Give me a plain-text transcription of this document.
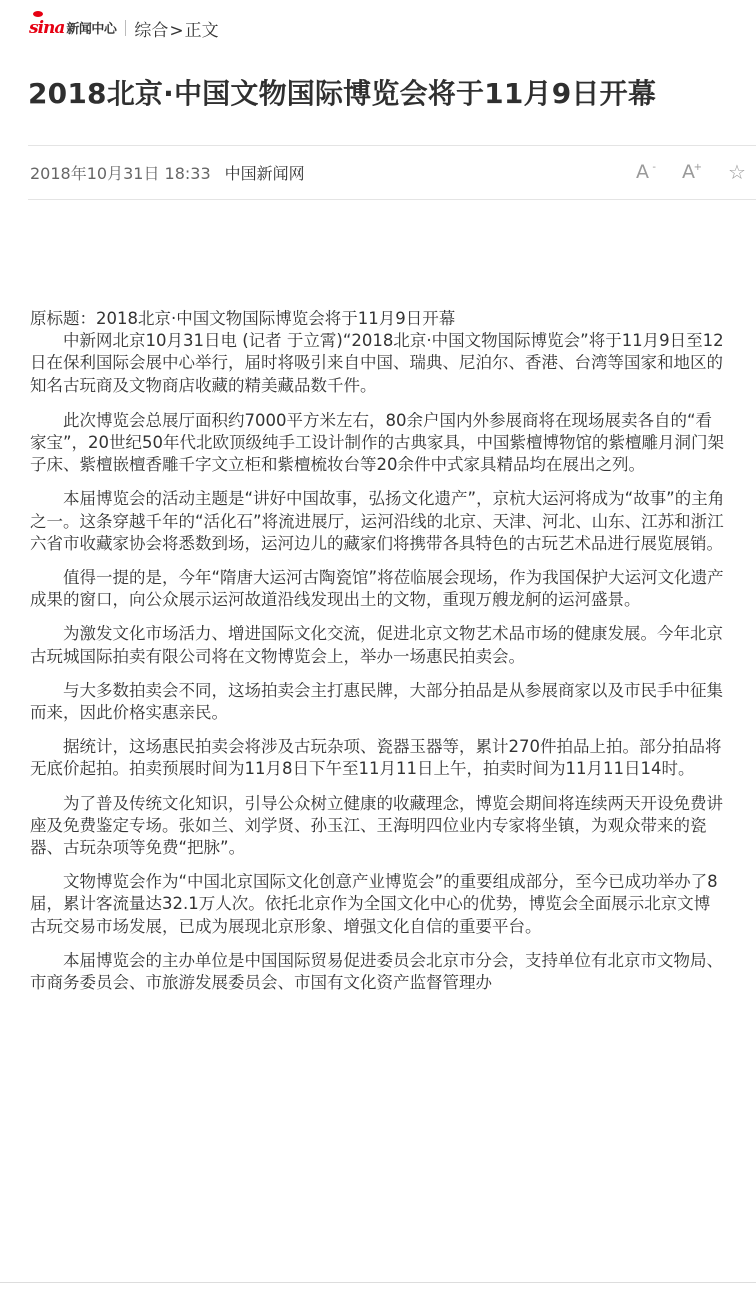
sina 新闻中心 综合>正文
2018北京·中国文物国际博览会将于11月9日开幕
2018年10月31日 18:33 中国新闻网	A - A
+ ☆

原标题：2018北京·中国文物国际博览会将于11月9日开幕

中新网北京10月31日电 (记者 于立霄)“2018北京·中国文物国际博览会”将于11月9日至12日在保利国际会展中心举行，届时将吸引来自中国、瑞典、尼泊尔、香港、台湾等国家和地区的知名古玩商及文物商店收藏的精美藏品数千件。

此次博览会总展厅面积约7000平方米左右，80余户国内外参展商将在现场展卖各自的“看家宝”，20世纪50年代北欧顶级纯手工设计制作的古典家具，中国紫檀博物馆的紫檀雕月洞门架子床、紫檀嵌檀香雕千字文立柜和紫檀梳妆台等20余件中式家具精品均在展出之列。

本届博览会的活动主题是“讲好中国故事，弘扬文化遗产”，京杭大运河将成为“故事”的主角之一。这条穿越千年的“活化石”将流进展厅，运河沿线的北京、天津、河北、山东、江苏和浙江六省市收藏家协会将悉数到场，运河边儿的藏家们将携带各具特色的古玩艺术品进行展览展销。

值得一提的是，今年“隋唐大运河古陶瓷馆”将莅临展会现场，作为我国保护大运河文化遗产成果的窗口，向公众展示运河故道沿线发现出土的文物，重现万艘龙舸的运河盛景。

为激发文化市场活力、增进国际文化交流，促进北京文物艺术品市场的健康发展。今年北京古玩城国际拍卖有限公司将在文物博览会上，举办一场惠民拍卖会。

与大多数拍卖会不同，这场拍卖会主打惠民牌，大部分拍品是从参展商家以及市民手中征集而来，因此价格实惠亲民。

据统计，这场惠民拍卖会将涉及古玩杂项、瓷器玉器等，累计270件拍品上拍。部分拍品将无底价起拍。拍卖预展时间为11月8日下午至11月11日上午，拍卖时间为11月11日14时。

为了普及传统文化知识，引导公众树立健康的收藏理念，博览会期间将连续两天开设免费讲座及免费鉴定专场。张如兰、刘学贤、孙玉江、王海明四位业内专家将坐镇，为观众带来的瓷器、古玩杂项等免费“把脉”。

文物博览会作为“中国北京国际文化创意产业博览会”的重要组成部分，至今已成功举办了8届，累计客流量达32.1万人次。依托北京作为全国文化中心的优势，博览会全面展示北京文博古玩交易市场发展，已成为展现北京形象、增强文化自信的重要平台。

本届博览会的主办单位是中国国际贸易促进委员会北京市分会，支持单位有北京市文物局、市商务委员会、市旅游发展委员会、市国有文化资产监督管理办
